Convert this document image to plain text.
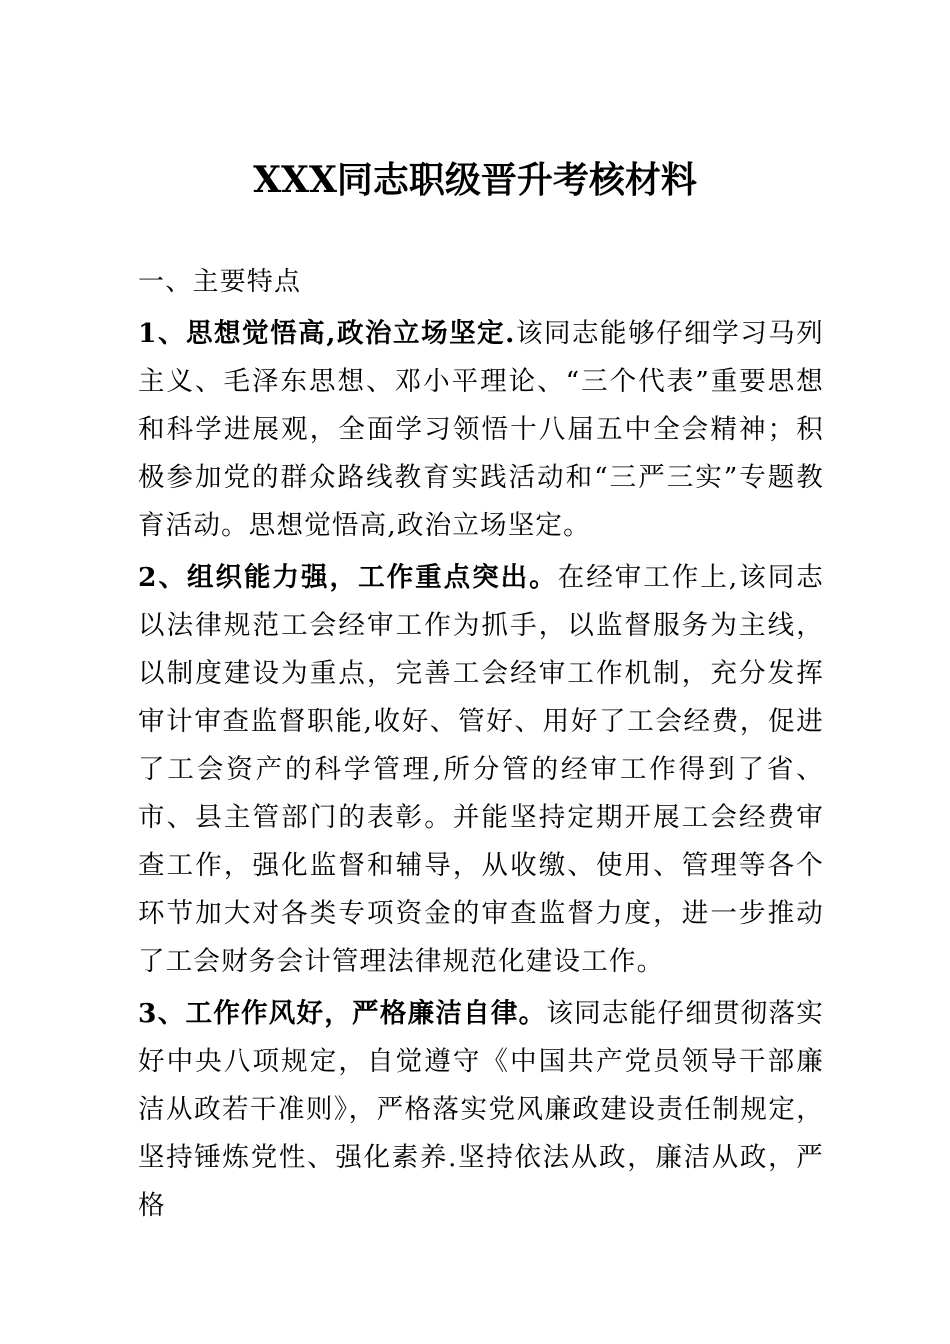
XXX同志职级晋升考核材料
一、主要特点

1、思想觉悟高,政治立场坚定.该同志能够仔细学习马列主义、毛泽东思想、邓小平理论、“三个代表”重要思想和科学进展观，全面学习领悟十八届五中全会精神；积极参加党的群众路线教育实践活动和“三严三实”专题教育活动。思想觉悟高,政治立场坚定。

2、组织能力强，工作重点突出。在经审工作上,该同志以法律规范工会经审工作为抓手，以监督服务为主线，以制度建设为重点，完善工会经审工作机制，充分发挥审计审查监督职能,收好、管好、用好了工会经费，促进了工会资产的科学管理,所分管的经审工作得到了省、市、县主管部门的表彰。并能坚持定期开展工会经费审查工作，强化监督和辅导，从收缴、使用、管理等各个环节加大对各类专项资金的审查监督力度，进一步推动了工会财务会计管理法律规范化建设工作。

3、工作作风好，严格廉洁自律。该同志能仔细贯彻落实好中央八项规定，自觉遵守《中国共产党员领导干部廉洁从政若干准则》，严格落实党风廉政建设责任制规定，坚持锤炼党性、强化素养.坚持依法从政，廉洁从政，严格
